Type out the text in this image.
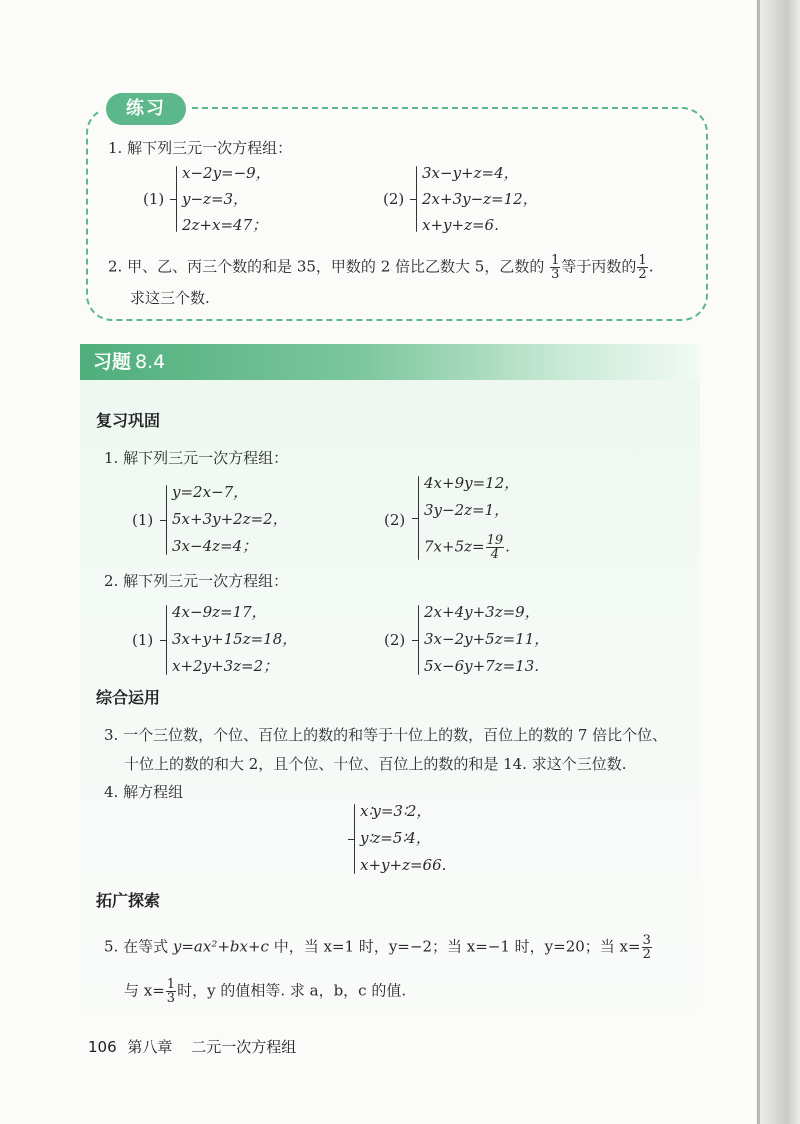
练习
1. 解下列三元一次方程组：
(1)
x−2y=−9，
y−z=3，
2z+x=47；
(2)
3x−y+z=4，
2x+3y−z=12，
x+y+z=6.
2. 甲、乙、丙三个数的和是 35，甲数的 2 倍比乙数大 5，乙数的 $\frac{1}{3}$ 等于丙数的 $\frac{1}{2}$ .
求这三个数.
习题 8.4
复习巩固
1. 解下列三元一次方程组：
(1)
y=2x−7，
5x+3y+2z=2，
3x−4z=4；
(2)
4x+9y=12，
3y−2z=1，
$7x+5z= \frac{19}{4}$ .
2. 解下列三元一次方程组：
(1)
4x−9z=17，
3x+y+15z=18，
x+2y+3z=2；
(2)
2x+4y+3z=9，
3x−2y+5z=11，
5x−6y+7z=13.
综合运用
3. 一个三位数，个位、百位上的数的和等于十位上的数，百位上的数的 7 倍比个位、
十位上的数的和大 2，且个位、十位、百位上的数的和是 14. 求这个三位数.
4. 解方程组
x∶y=3∶2，
y∶z=5∶4，
x+y+z=66.
拓广探索
5. 在等式 y=ax²+bx+c 中，当 x=1 时，y=−2；当 x=−1 时，y=20；当 $x= \frac{3}{2}$
与 $x= \frac{1}{3}$ 时，y 的值相等. 求 a，b，c 的值.
106 第八章 二元一次方程组
